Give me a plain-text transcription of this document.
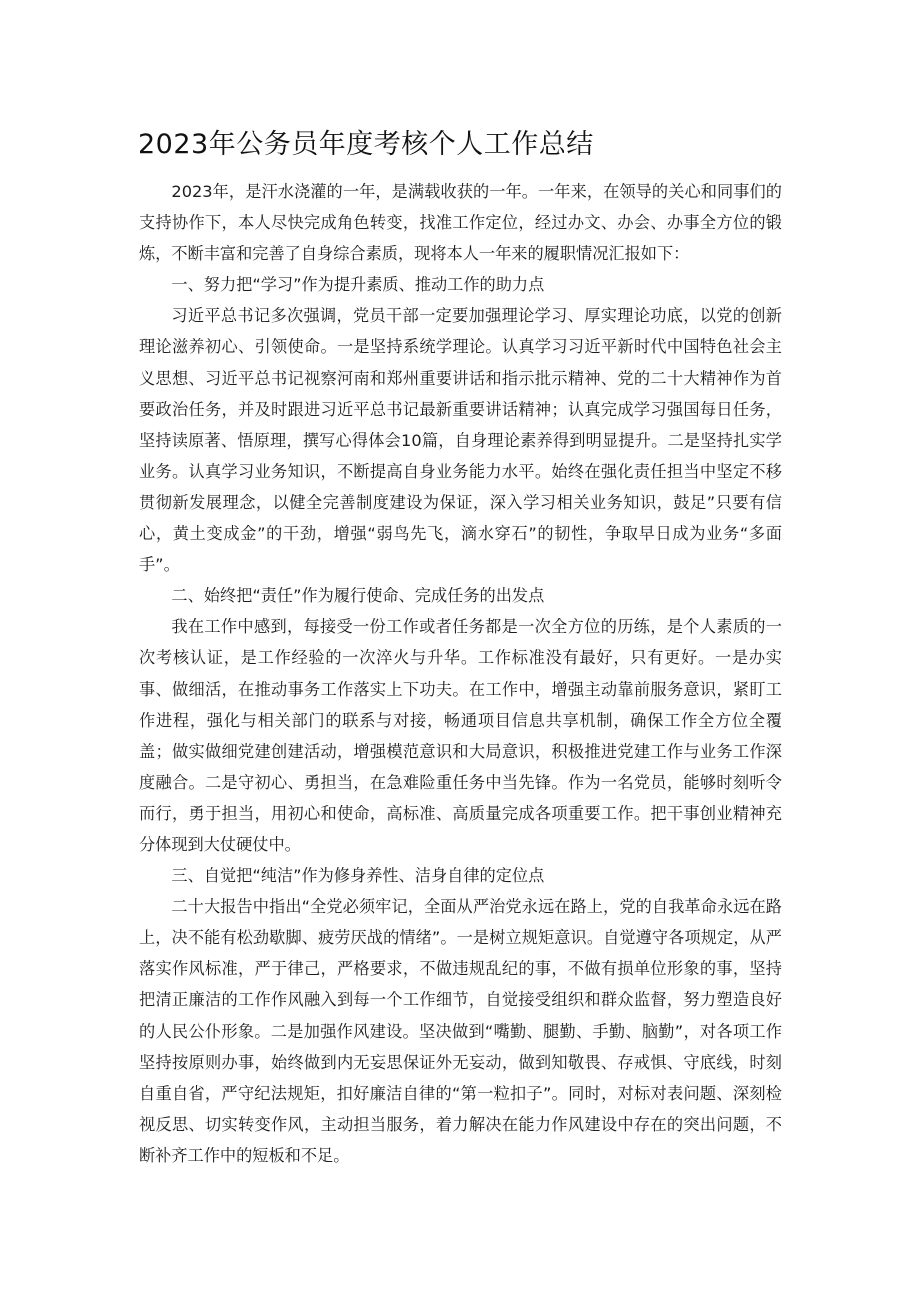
2023年公务员年度考核个人工作总结

2023年，是汗水浇灌的一年，是满载收获的一年。一年来，在领导的关心和同事们的支持协作下，本人尽快完成角色转变，找准工作定位，经过办文、办会、办事全方位的锻炼，不断丰富和完善了自身综合素质，现将本人一年来的履职情况汇报如下：

一、努力把“学习”作为提升素质、推动工作的助力点

习近平总书记多次强调，党员干部一定要加强理论学习、厚实理论功底，以党的创新理论滋养初心、引领使命。一是坚持系统学理论。认真学习习近平新时代中国特色社会主义思想、习近平总书记视察河南和郑州重要讲话和指示批示精神、党的二十大精神作为首要政治任务，并及时跟进习近平总书记最新重要讲话精神；认真完成学习强国每日任务，坚持读原著、悟原理，撰写心得体会10篇，自身理论素养得到明显提升。二是坚持扎实学业务。认真学习业务知识，不断提高自身业务能力水平。始终在强化责任担当中坚定不移贯彻新发展理念，以健全完善制度建设为保证，深入学习相关业务知识，鼓足”只要有信心，黄土变成金”的干劲，增强“弱鸟先飞，滴水穿石”的韧性，争取早日成为业务“多面手”。

二、始终把“责任”作为履行使命、完成任务的出发点

我在工作中感到，每接受一份工作或者任务都是一次全方位的历练，是个人素质的一次考核认证，是工作经验的一次淬火与升华。工作标准没有最好，只有更好。一是办实事、做细活，在推动事务工作落实上下功夫。在工作中，增强主动靠前服务意识，紧盯工作进程，强化与相关部门的联系与对接，畅通项目信息共享机制，确保工作全方位全覆盖；做实做细党建创建活动，增强模范意识和大局意识，积极推进党建工作与业务工作深度融合。二是守初心、勇担当，在急难险重任务中当先锋。作为一名党员，能够时刻听令而行，勇于担当，用初心和使命，高标准、高质量完成各项重要工作。把干事创业精神充分体现到大仗硬仗中。

三、自觉把“纯洁”作为修身养性、洁身自律的定位点

二十大报告中指出“全党必须牢记，全面从严治党永远在路上，党的自我革命永远在路上，决不能有松劲歇脚、疲劳厌战的情绪”。一是树立规矩意识。自觉遵守各项规定，从严落实作风标准，严于律己，严格要求，不做违规乱纪的事，不做有损单位形象的事，坚持把清正廉洁的工作作风融入到每一个工作细节，自觉接受组织和群众监督，努力塑造良好的人民公仆形象。二是加强作风建设。坚决做到“嘴勤、腿勤、手勤、脑勤”，对各项工作坚持按原则办事，始终做到内无妄思保证外无妄动，做到知敬畏、存戒惧、守底线，时刻自重自省，严守纪法规矩，扣好廉洁自律的“第一粒扣子”。同时，对标对表问题、深刻检视反思、切实转变作风，主动担当服务，着力解决在能力作风建设中存在的突出问题，不断补齐工作中的短板和不足。
